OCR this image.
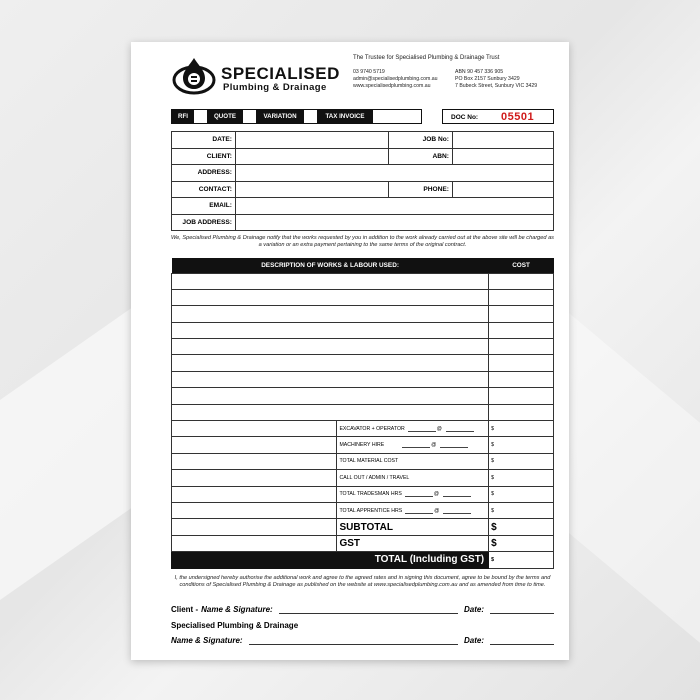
SPECIALISED
Plumbing & Drainage
The Trustee for Specialised Plumbing & Drainage Trust
03 9740 5719
admin@specialisedplumbing.com.au
www.specialisedplumbing.com.au
ABN 90 457 336 905
PO Box 2157 Sunbury 3429
7 Bubeck Street, Sunbury VIC 3429
RFI	QUOTE	VARIATION	TAX INVOICE	DOC No: 05501
DATE:		JOB No:	
CLIENT:		ABN:	
ADDRESS:			
CONTACT:		PHONE:	
EMAIL:			
JOB ADDRESS:			
We, Specialised Plumbing & Drainage notify that the works requested by you in addition to the work already carried out at the above site will be charged as a variation or an extra payment pertaining to the same terms of the original contract.
DESCRIPTION OF WORKS & LABOUR USED:		COST

	EXCAVATOR + OPERATOR @	$
	MACHINERY HIRE @	$
	TOTAL MATERIAL COST	$
	CALL OUT / ADMIN / TRAVEL	$
	TOTAL TRADESMAN HRS @	$
	TOTAL APPRENTICE HRS @	$
	SUBTOTAL	$
	GST	$
TOTAL (Including GST)		$
I, the undersigned hereby authorise the additional work and agree to the agreed rates and in signing this document, agree to be bound by the terms and conditions of Specialised Plumbing & Drainage as published on the website at www.specialisedplumbing.com.au and as amended from time to time.
Client - Name & Signature:	Date:
Specialised Plumbing & Drainage
Name & Signature:	Date:
